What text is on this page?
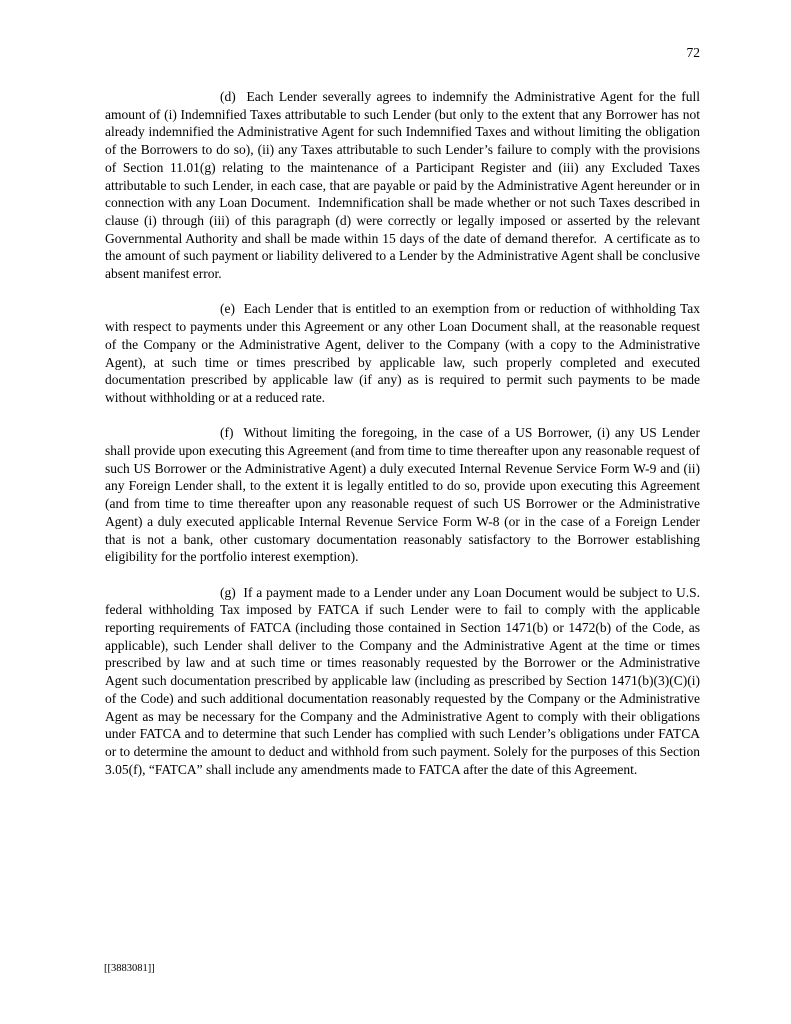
72

(d)  Each Lender severally agrees to indemnify the Administrative Agent for the full amount of (i) Indemnified Taxes attributable to such Lender (but only to the extent that any Borrower has not already indemnified the Administrative Agent for such Indemnified Taxes and without limiting the obligation of the Borrowers to do so), (ii) any Taxes attributable to such Lender’s failure to comply with the provisions of Section 11.01(g) relating to the maintenance of a Participant Register and (iii) any Excluded Taxes attributable to such Lender, in each case, that are payable or paid by the Administrative Agent hereunder or in connection with any Loan Document.  Indemnification shall be made whether or not such Taxes described in clause (i) through (iii) of this paragraph (d) were correctly or legally imposed or asserted by the relevant Governmental Authority and shall be made within 15 days of the date of demand therefor.  A certificate as to the amount of such payment or liability delivered to a Lender by the Administrative Agent shall be conclusive absent manifest error.

(e)  Each Lender that is entitled to an exemption from or reduction of withholding Tax with respect to payments under this Agreement or any other Loan Document shall, at the reasonable request of the Company or the Administrative Agent, deliver to the Company (with a copy to the Administrative Agent), at such time or times prescribed by applicable law, such properly completed and executed documentation prescribed by applicable law (if any) as is required to permit such payments to be made without withholding or at a reduced rate.

(f)  Without limiting the foregoing, in the case of a US Borrower, (i) any US Lender shall provide upon executing this Agreement (and from time to time thereafter upon any reasonable request of such US Borrower or the Administrative Agent) a duly executed Internal Revenue Service Form W-9 and (ii) any Foreign Lender shall, to the extent it is legally entitled to do so, provide upon executing this Agreement (and from time to time thereafter upon any reasonable request of such US Borrower or the Administrative Agent) a duly executed applicable Internal Revenue Service Form W-8 (or in the case of a Foreign Lender that is not a bank, other customary documentation reasonably satisfactory to the Borrower establishing eligibility for the portfolio interest exemption).

(g)  If a payment made to a Lender under any Loan Document would be subject to U.S. federal withholding Tax imposed by FATCA if such Lender were to fail to comply with the applicable reporting requirements of FATCA (including those contained in Section 1471(b) or 1472(b) of the Code, as applicable), such Lender shall deliver to the Company and the Administrative Agent at the time or times prescribed by law and at such time or times reasonably requested by the Borrower or the Administrative Agent such documentation prescribed by applicable law (including as prescribed by Section 1471(b)(3)(C)(i) of the Code) and such additional documentation reasonably requested by the Company or the Administrative Agent as may be necessary for the Company and the Administrative Agent to comply with their obligations under FATCA and to determine that such Lender has complied with such Lender’s obligations under FATCA or to determine the amount to deduct and withhold from such payment. Solely for the purposes of this Section 3.05(f), “FATCA” shall include any amendments made to FATCA after the date of this Agreement.

[[3883081]]
